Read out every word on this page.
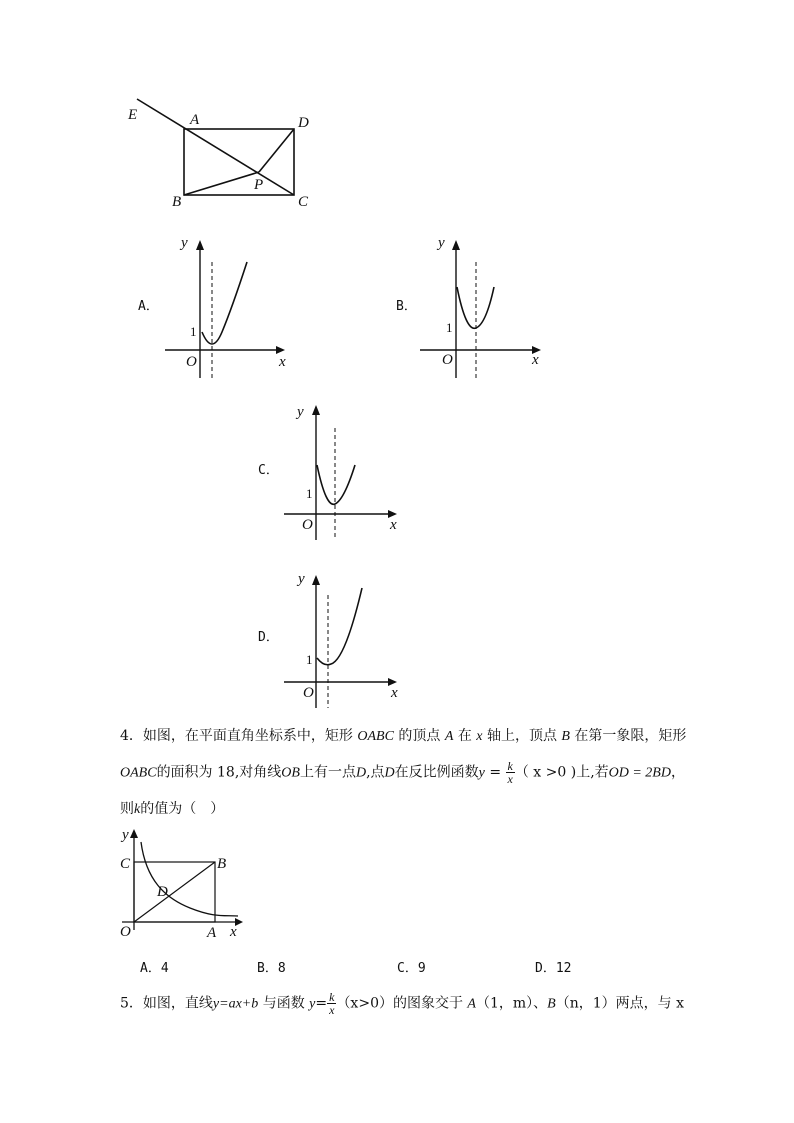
E	A	D
P
B	C
A．
y
x
O
1
B．
y
x
O
1
C．
y
x
O
1
D．
y
x
O
1
y
C	B
D
O	A x
4．如图，在平面直角坐标系中，矩形 OABC 的顶点 A 在 x 轴上，顶点 B 在第一象限，矩形
OABC的面积为 18,对角线OB上有一点D,点D在反比例函数$y = \frac{k}{x}$ （ x >0 )上,若OD = 2BD，
则k的值为（　）
A．4	B．8	C．9	D．12
5．如图，直线y=ax+b 与函数 $y= \frac{k}{x} (x>0)$的图象交于 A（1，m）、B（n，1）两点，与 x
